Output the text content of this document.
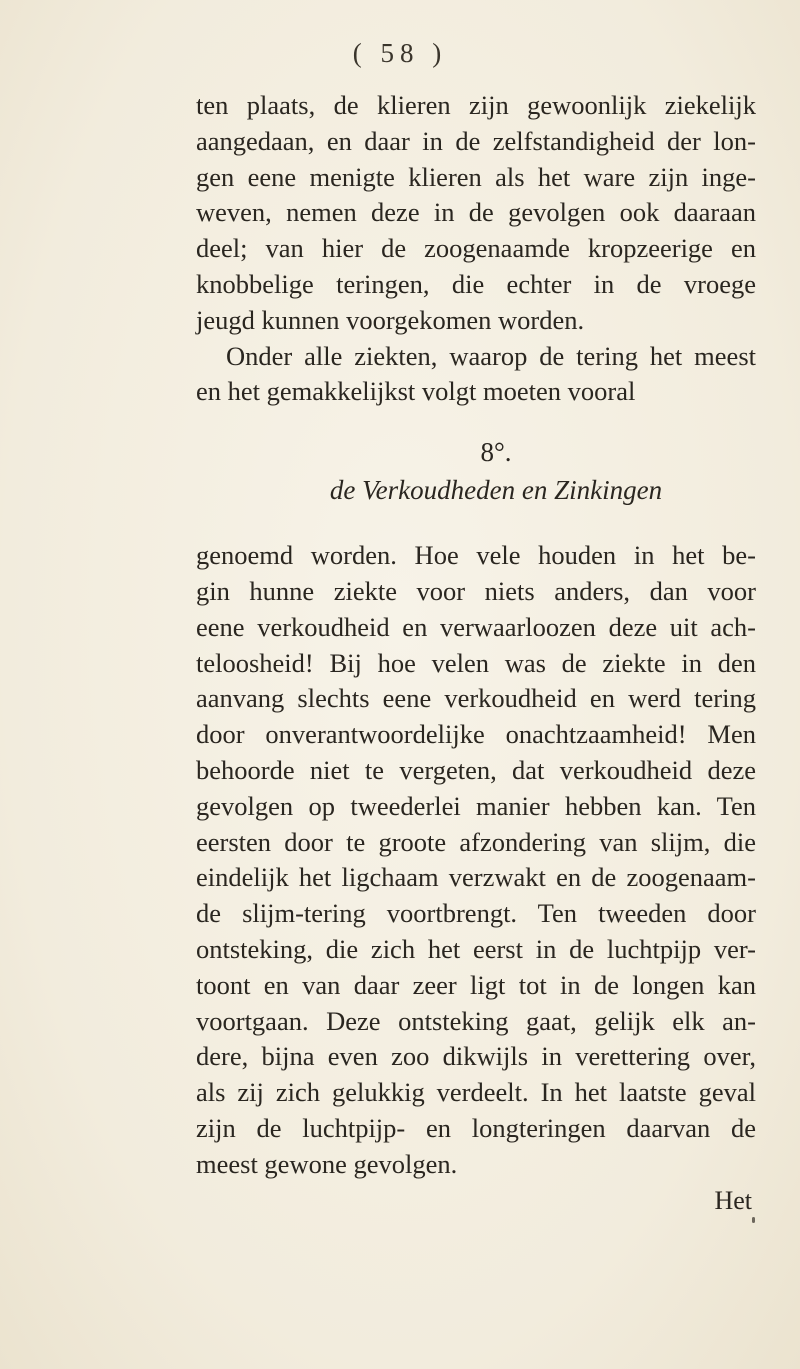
( 58 )
ten plaats, de klieren zijn gewoonlijk ziekelijk
aangedaan, en daar in de zelfstandigheid der lon-
gen eene menigte klieren als het ware zijn inge-
weven, nemen deze in de gevolgen ook daaraan
deel; van hier de zoogenaamde kropzeerige en
knobbelige teringen, die echter in de vroege
jeugd kunnen voorgekomen worden.
Onder alle ziekten, waarop de tering het meest
en het gemakkelijkst volgt moeten vooral
8°.
de Verkoudheden en Zinkingen
genoemd worden. Hoe vele houden in het be-
gin hunne ziekte voor niets anders, dan voor
eene verkoudheid en verwaarloozen deze uit ach-
teloosheid! Bij hoe velen was de ziekte in den
aanvang slechts eene verkoudheid en werd tering
door onverantwoordelijke onachtzaamheid! Men
behoorde niet te vergeten, dat verkoudheid deze
gevolgen op tweederlei manier hebben kan. Ten
eersten door te groote afzondering van slijm, die
eindelijk het ligchaam verzwakt en de zoogenaam-
de slijm-tering voortbrengt. Ten tweeden door
ontsteking, die zich het eerst in de luchtpijp ver-
toont en van daar zeer ligt tot in de longen kan
voortgaan. Deze ontsteking gaat, gelijk elk an-
dere, bijna even zoo dikwijls in verettering over,
als zij zich gelukkig verdeelt. In het laatste geval
zijn de luchtpijp- en longteringen daarvan de
meest gewone gevolgen.
Het
